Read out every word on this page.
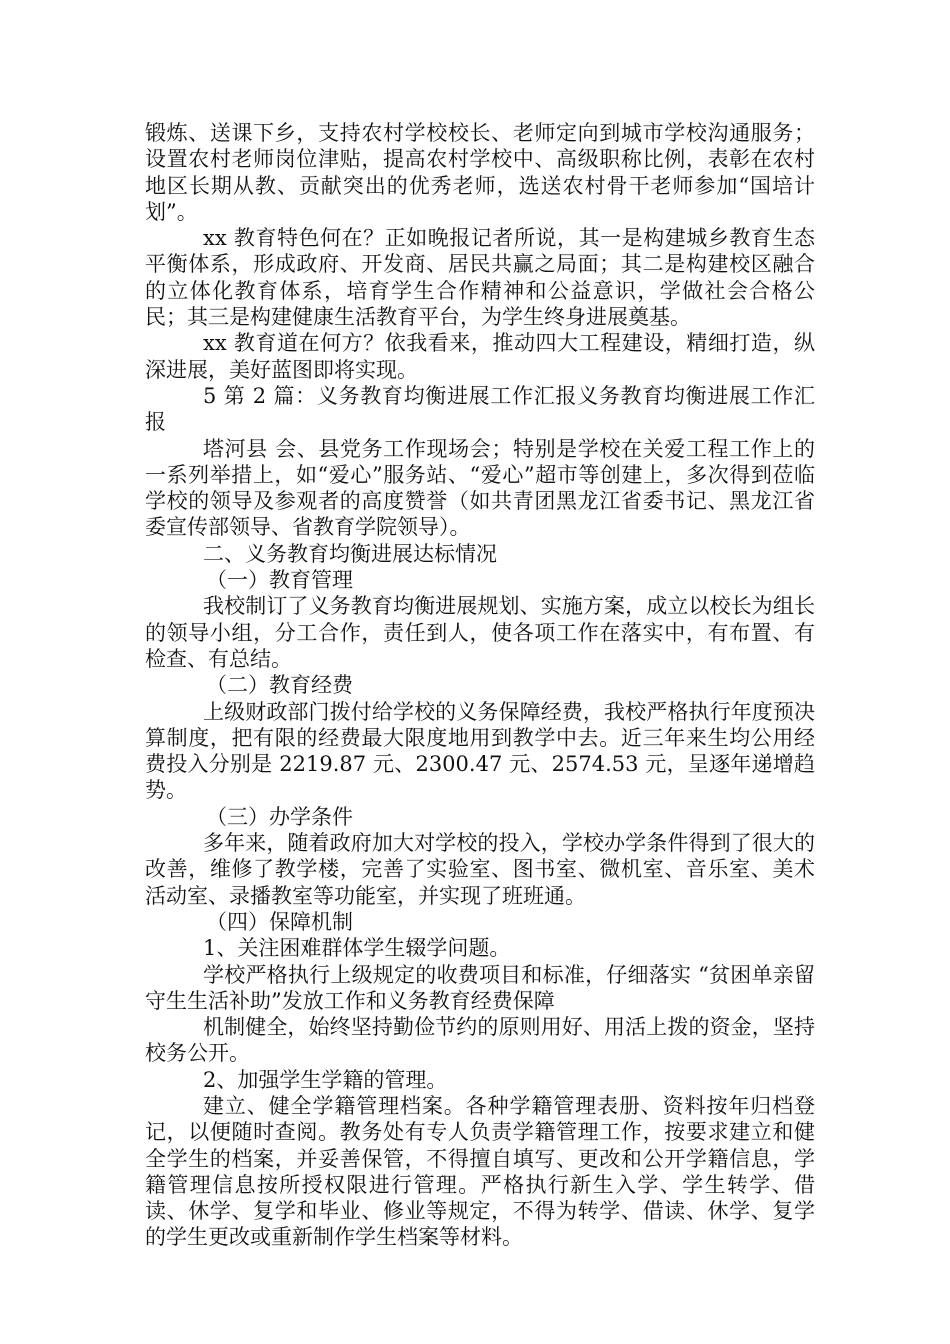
锻炼、送课下乡，支持农村学校校长、老师定向到城市学校沟通服务；设置农村老师岗位津贴，提高农村学校中、高级职称比例，表彰在农村地区长期从教、贡献突出的优秀老师，选送农村骨干老师参加“国培计划”。

xx 教育特色何在？正如晚报记者所说，其一是构建城乡教育生态平衡体系，形成政府、开发商、居民共赢之局面；其二是构建校区融合的立体化教育体系，培育学生合作精神和公益意识，学做社会合格公民；其三是构建健康生活教育平台，为学生终身进展奠基。

xx 教育道在何方？依我看来，推动四大工程建设，精细打造，纵深进展，美好蓝图即将实现。

5 第 2 篇：义务教育均衡进展工作汇报义务教育均衡进展工作汇报

塔河县 会、县党务工作现场会；特别是学校在关爱工程工作上的一系列举措上，如“爱心”服务站、“爱心”超市等创建上，多次得到莅临学校的领导及参观者的高度赞誉（如共青团黑龙江省委书记、黑龙江省委宣传部领导、省教育学院领导）。

二、义务教育均衡进展达标情况

（一）教育管理

我校制订了义务教育均衡进展规划、实施方案，成立以校长为组长的领导小组，分工合作，责任到人，使各项工作在落实中，有布置、有检查、有总结。

（二）教育经费

上级财政部门拨付给学校的义务保障经费，我校严格执行年度预决算制度，把有限的经费最大限度地用到教学中去。近三年来生均公用经费投入分别是 2219.87 元、2300.47 元、2574.53 元，呈逐年递增趋势。

（三）办学条件

多年来，随着政府加大对学校的投入，学校办学条件得到了很大的改善，维修了教学楼，完善了实验室、图书室、微机室、音乐室、美术活动室、录播教室等功能室，并实现了班班通。

（四）保障机制

1、关注困难群体学生辍学问题。

学校严格执行上级规定的收费项目和标准，仔细落实 “贫困单亲留守生生活补助”发放工作和义务教育经费保障

机制健全，始终坚持勤俭节约的原则用好、用活上拨的资金，坚持校务公开。

2、加强学生学籍的管理。

建立、健全学籍管理档案。各种学籍管理表册、资料按年归档登记，以便随时查阅。教务处有专人负责学籍管理工作，按要求建立和健全学生的档案，并妥善保管，不得擅自填写、更改和公开学籍信息，学籍管理信息按所授权限进行管理。严格执行新生入学、学生转学、借读、休学、复学和毕业、修业等规定，不得为转学、借读、休学、复学的学生更改或重新制作学生档案等材料。
